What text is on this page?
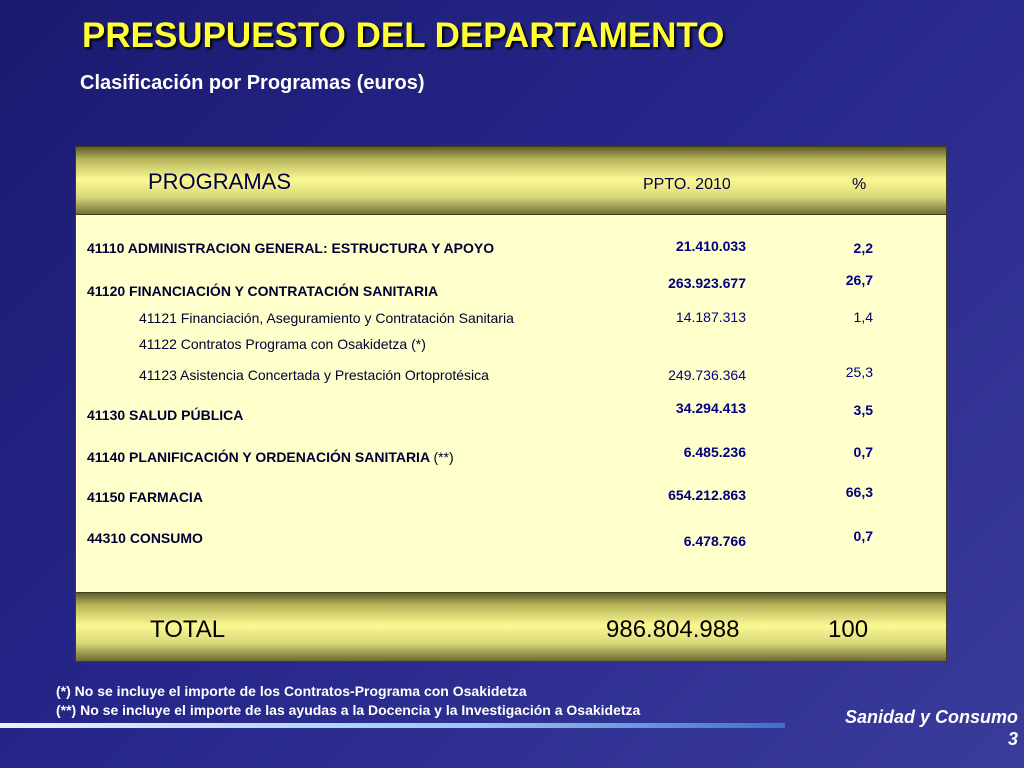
PRESUPUESTO DEL DEPARTAMENTO
Clasificación por Programas (euros)
PROGRAMAS	PPTO. 2010	%
41110 ADMINISTRACION GENERAL: ESTRUCTURA Y APOYO	21.410.033	2,2
41120 FINANCIACIÓN Y CONTRATACIÓN SANITARIA	263.923.677	26,7
41121 Financiación, Aseguramiento y Contratación Sanitaria	14.187.313	1,4
41122 Contratos Programa con Osakidetza (*)
41123 Asistencia Concertada y Prestación Ortoprotésica	249.736.364	25,3
41130 SALUD PÚBLICA	34.294.413	3,5
41140 PLANIFICACIÓN Y ORDENACIÓN SANITARIA (**)	6.485.236	0,7
41150 FARMACIA	654.212.863	66,3
44310 CONSUMO	6.478.766	0,7
TOTAL	986.804.988	100
(*) No se incluye el importe de los Contratos-Programa con Osakidetza
(**) No se incluye el importe de las ayudas a la Docencia y la Investigación a Osakidetza	Sanidad y Consumo
3
